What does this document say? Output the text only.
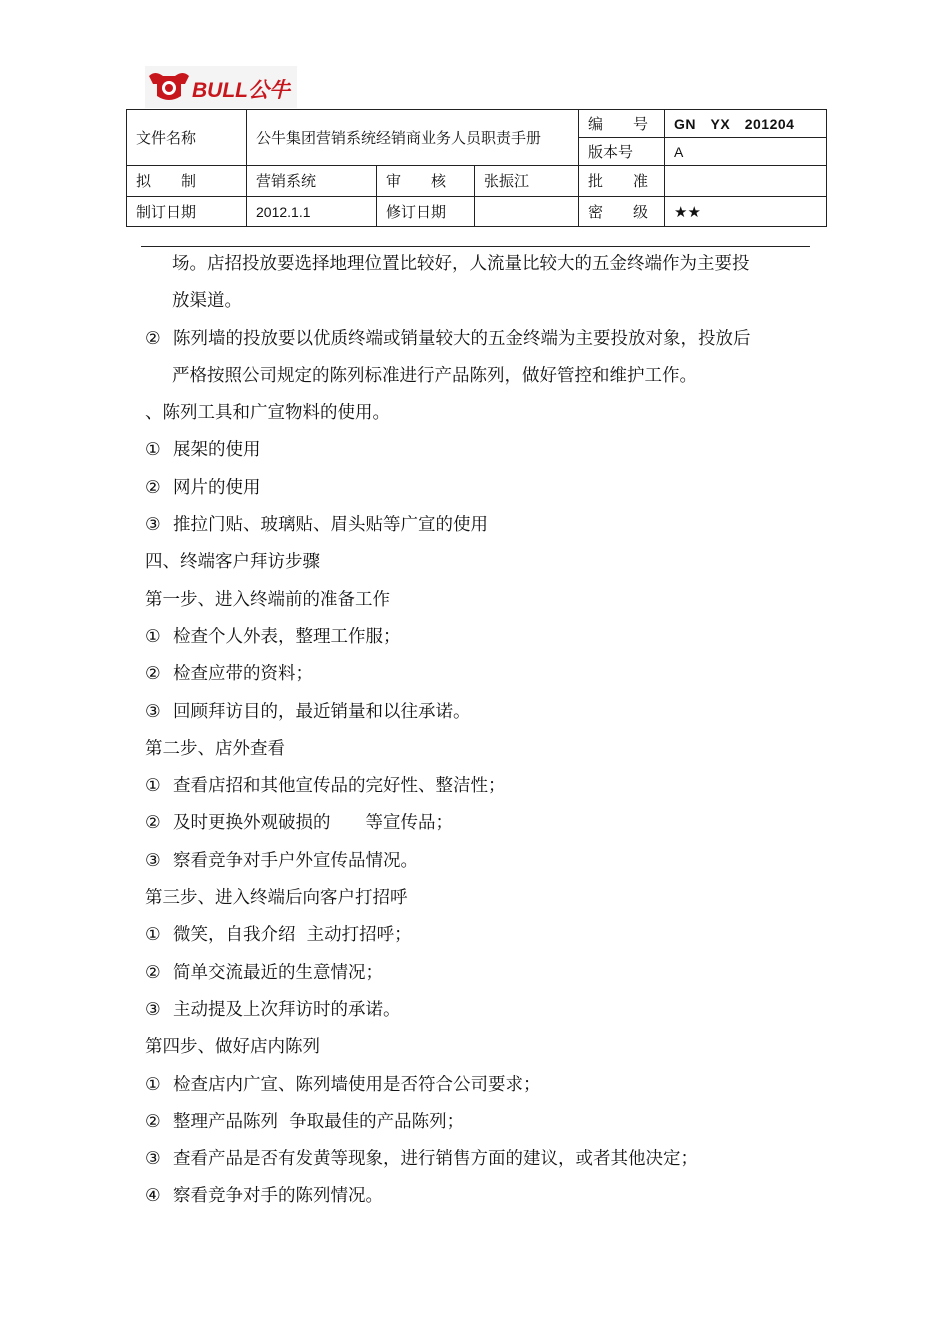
BULL公牛
文件名称	公牛集团营销系统经销商业务人员职责手册			编　　号	GN　YX　201204
				版本号	A
拟　　制	营销系统	审　　核	张振江	批　　准	
制订日期	2012.1.1	修订日期		密　　级	★★
场。店招投放要选择地理位置比较好，人流量比较大的五金终端作为主要投
放渠道。
② 陈列墙的投放要以优质终端或销量较大的五金终端为主要投放对象，投放后
严格按照公司规定的陈列标准进行产品陈列，做好管控和维护工作。
、陈列工具和广宣物料的使用。
① 展架的使用
② 网片的使用
③ 推拉门贴、玻璃贴、眉头贴等广宣的使用
四、终端客户拜访步骤
第一步、进入终端前的准备工作
① 检查个人外表，整理工作服；
② 检查应带的资料；
③ 回顾拜访目的，最近销量和以往承诺。
第二步、店外查看
① 查看店招和其他宣传品的完好性、整洁性；
② 及时更换外观破损的　　等宣传品；
③ 察看竞争对手户外宣传品情况。
第三步、进入终端后向客户打招呼
① 微笑，自我介绍  主动打招呼；
② 简单交流最近的生意情况；
③ 主动提及上次拜访时的承诺。
第四步、做好店内陈列
① 检查店内广宣、陈列墙使用是否符合公司要求；
② 整理产品陈列  争取最佳的产品陈列；
③ 查看产品是否有发黄等现象，进行销售方面的建议，或者其他决定；
④ 察看竞争对手的陈列情况。
